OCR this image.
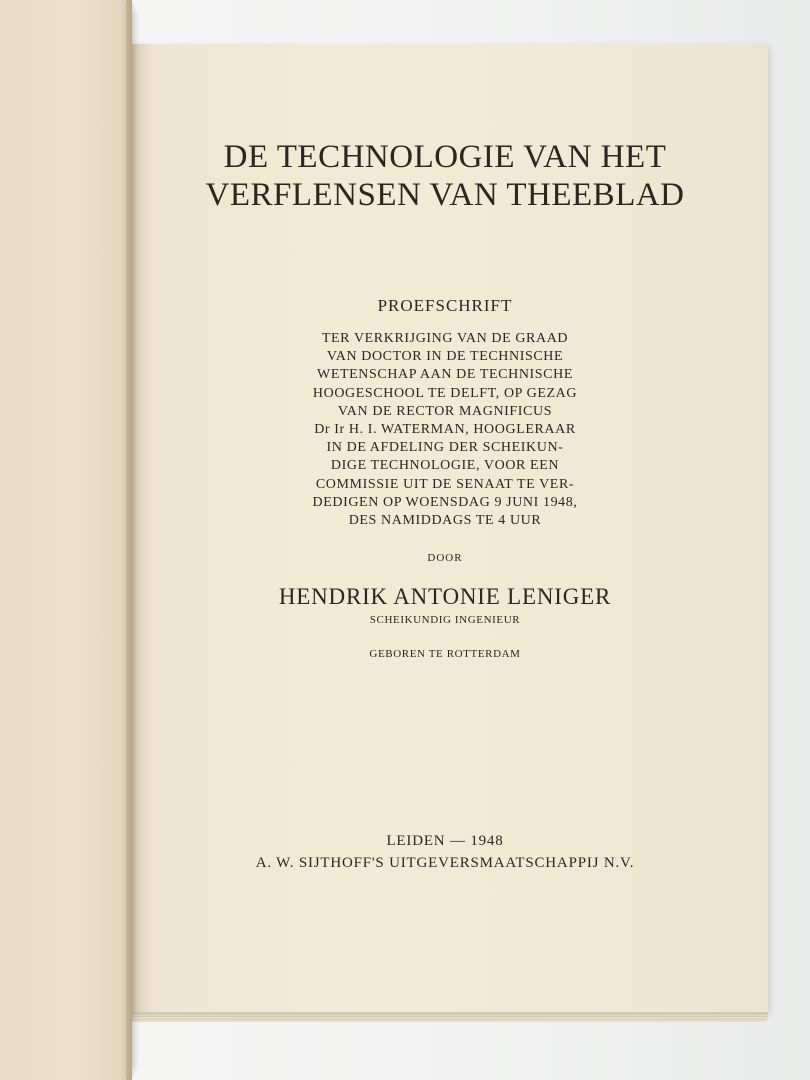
DE TECHNOLOGIE VAN HET
VERFLENSEN VAN THEEBLAD
PROEFSCHRIFT
TER VERKRIJGING VAN DE GRAAD
VAN DOCTOR IN DE TECHNISCHE
WETENSCHAP AAN DE TECHNISCHE
HOOGESCHOOL TE DELFT, OP GEZAG
VAN DE RECTOR MAGNIFICUS
Dr Ir H. I. WATERMAN, HOOGLERAAR
IN DE AFDELING DER SCHEIKUN-
DIGE TECHNOLOGIE, VOOR EEN
COMMISSIE UIT DE SENAAT TE VER-
DEDIGEN OP WOENSDAG 9 JUNI 1948,
DES NAMIDDAGS TE 4 UUR
DOOR
HENDRIK ANTONIE LENIGER
SCHEIKUNDIG INGENIEUR
GEBOREN TE ROTTERDAM
LEIDEN — 1948
A. W. SIJTHOFF'S UITGEVERSMAATSCHAPPIJ N.V.
